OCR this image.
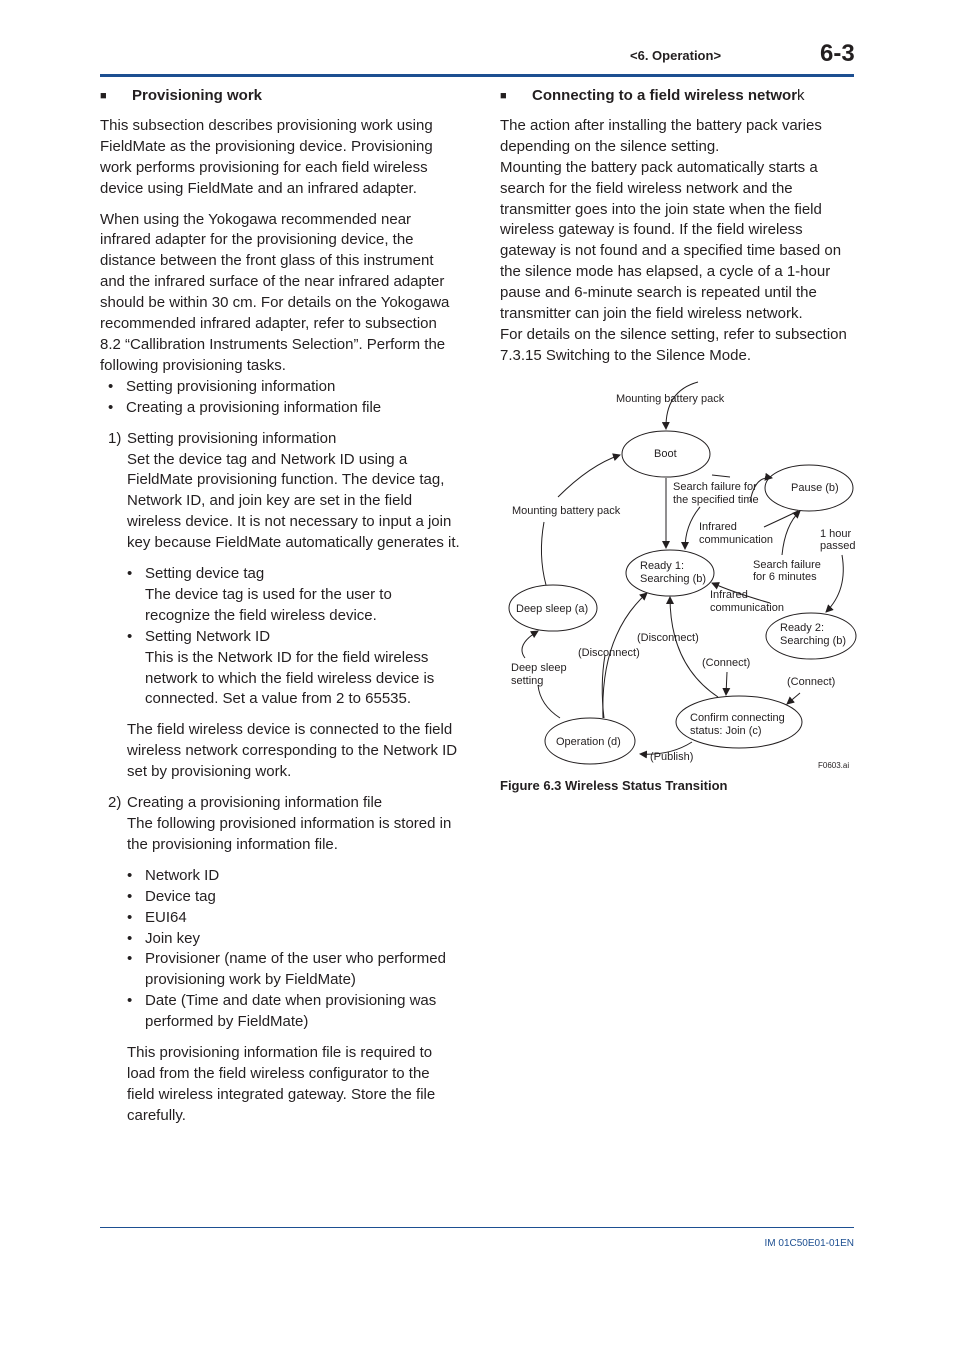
<6. Operation>	6-3
■	Provisioning work

This subsection describes provisioning work using FieldMate as the provisioning device. Provisioning work performs provisioning for each field wireless device using FieldMate and an infrared adapter.

When using the Yokogawa recommended near infrared adapter for the provisioning device, the distance between the front glass of this instrument and the infrared surface of the near infrared adapter should be within 30 cm. For details on the Yokogawa recommended infrared adapter, refer to subsection 8.2 “Callibration Instruments Selection”. Perform the following provisioning tasks.

• Setting provisioning information
• Creating a provisioning information file
1) Setting provisioning information

Set the device tag and Network ID using a FieldMate provisioning function. The device tag, Network ID, and join key are set in the field wireless device. It is not necessary to input a join key because FieldMate automatically generates it.

• Setting device tag

The device tag is used for the user to recognize the field wireless device.

• Setting Network ID

This is the Network ID for the field wireless network to which the field wireless device is connected. Set a value from 2 to 65535.

The field wireless device is connected to the field wireless network corresponding to the Network ID set by provisioning work.

2) Creating a provisioning information file

The following provisioned information is stored in the provisioning information file.

• Network ID
• Device tag
• EUI64
• Join key
• Provisioner (name of the user who performed provisioning work by FieldMate)
• Date (Time and date when provisioning was performed by FieldMate)

This provisioning information file is required to load from the field wireless configurator to the field wireless integrated gateway. Store the file carefully.

■	Connecting to a field wireless network

The action after installing the battery pack varies depending on the silence setting.

Mounting the battery pack automatically starts a search for the field wireless network and the transmitter goes into the join state when the field wireless gateway is found. If the field wireless gateway is not found and a specified time based on the silence mode has elapsed, a cycle of a 1-hour pause and 6-minute search is repeated until the transmitter can join the field wireless network.

For details on the silence setting, refer to subsection 7.3.15 Switching to the Silence Mode.

Boot
Pause (b)
Ready 1:
Searching (b)
Deep sleep (a)
Ready 2:
Searching (b)
Confirm connecting
status: Join (c)
Operation (d)
Mounting battery pack
Mounting battery pack
Search failure for
the specified time
Infrared
communication	1 hour
passed
Search failure
for 6 minutes
Infrared
communication
(Disconnect)
(Disconnect)
(Connect)
(Connect)
Deep sleep
setting
(Publish)
F0603.ai
Figure 6.3 Wireless Status Transition
IM 01C50E01-01EN
